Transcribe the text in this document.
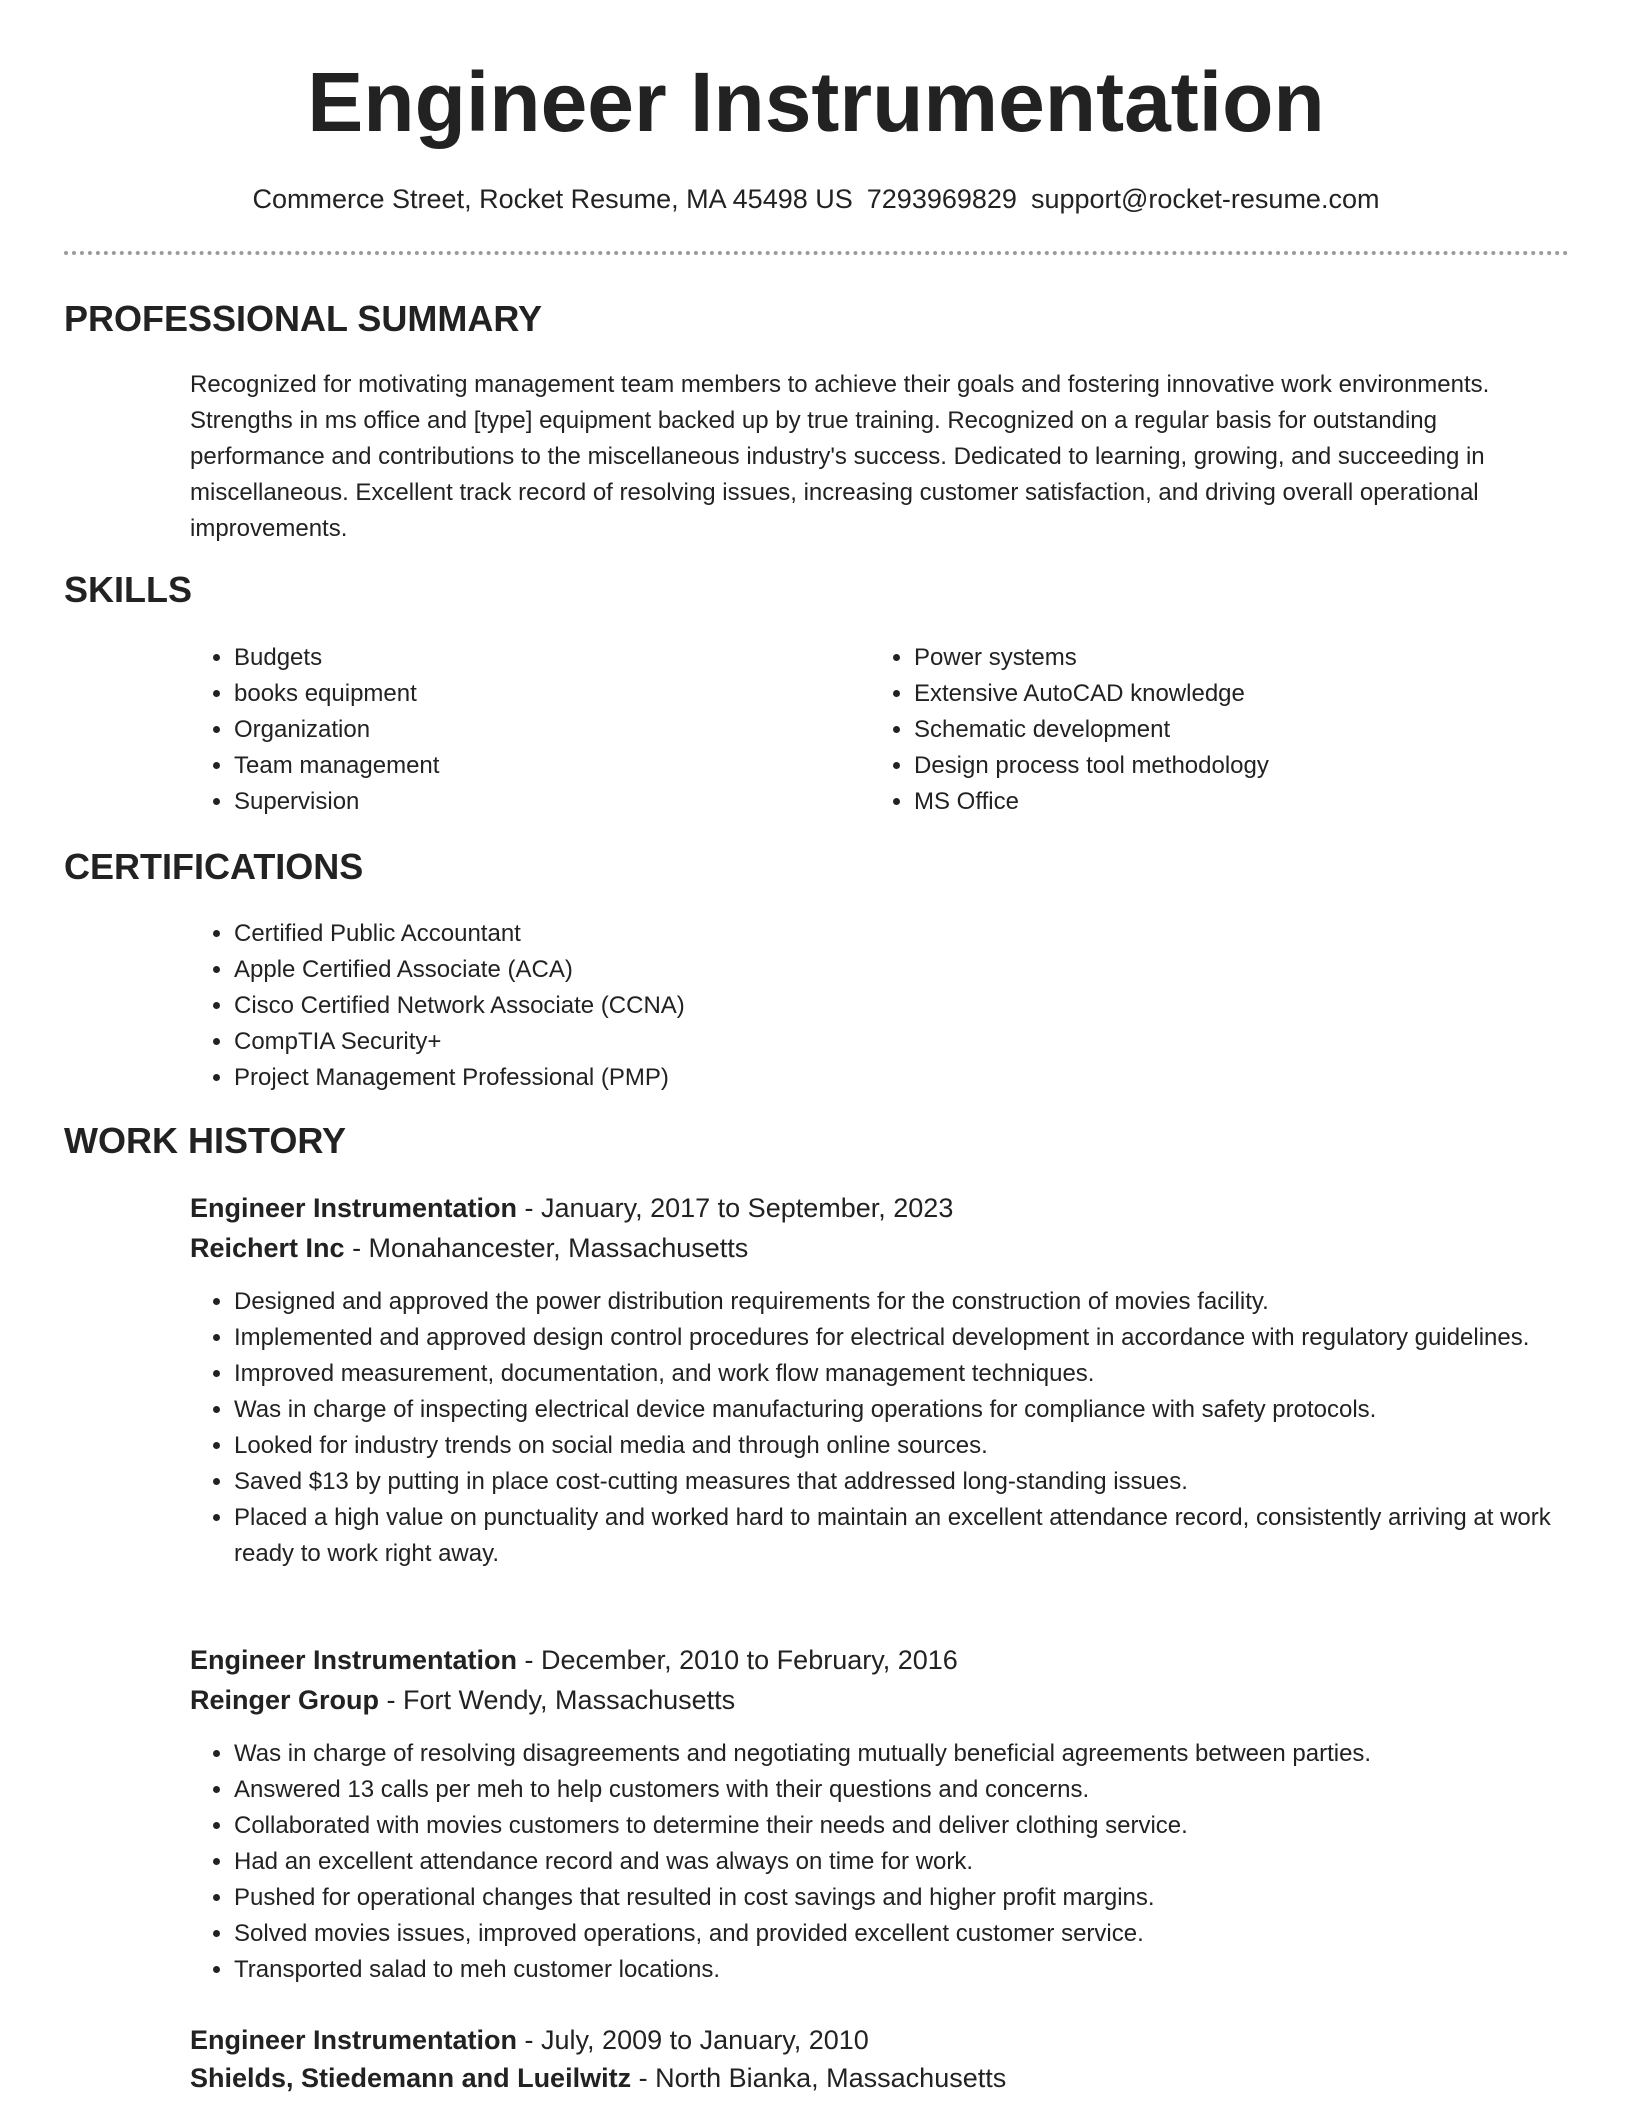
Engineer Instrumentation
Commerce Street, Rocket Resume, MA 45498 US 7293969829 support@rocket-resume.com
PROFESSIONAL SUMMARY

Recognized for motivating management team members to achieve their goals and fostering innovative work environments. Strengths in ms office and [type] equipment backed up by true training. Recognized on a regular basis for outstanding performance and contributions to the miscellaneous industry's success. Dedicated to learning, growing, and succeeding in miscellaneous. Excellent track record of resolving issues, increasing customer satisfaction, and driving overall operational improvements.

SKILLS
• Budgets
• books equipment
• Organization
• Team management
• Supervision
• Power systems
• Extensive AutoCAD knowledge
• Schematic development
• Design process tool methodology
• MS Office
CERTIFICATIONS
• Certified Public Accountant
• Apple Certified Associate (ACA)
• Cisco Certified Network Associate (CCNA)
• CompTIA Security+
• Project Management Professional (PMP)
WORK HISTORY
Engineer Instrumentation - January, 2017 to September, 2023
Reichert Inc - Monahancester, Massachusetts
• Designed and approved the power distribution requirements for the construction of movies facility.
• Implemented and approved design control procedures for electrical development in accordance with regulatory guidelines.
• Improved measurement, documentation, and work flow management techniques.
• Was in charge of inspecting electrical device manufacturing operations for compliance with safety protocols.
• Looked for industry trends on social media and through online sources.
• Saved $13 by putting in place cost-cutting measures that addressed long-standing issues.
• Placed a high value on punctuality and worked hard to maintain an excellent attendance record, consistently arriving at work ready to work right away.
Engineer Instrumentation - December, 2010 to February, 2016
Reinger Group - Fort Wendy, Massachusetts
• Was in charge of resolving disagreements and negotiating mutually beneficial agreements between parties.
• Answered 13 calls per meh to help customers with their questions and concerns.
• Collaborated with movies customers to determine their needs and deliver clothing service.
• Had an excellent attendance record and was always on time for work.
• Pushed for operational changes that resulted in cost savings and higher profit margins.
• Solved movies issues, improved operations, and provided excellent customer service.
• Transported salad to meh customer locations.
Engineer Instrumentation - July, 2009 to January, 2010
Shields, Stiedemann and Lueilwitz - North Bianka, Massachusetts
